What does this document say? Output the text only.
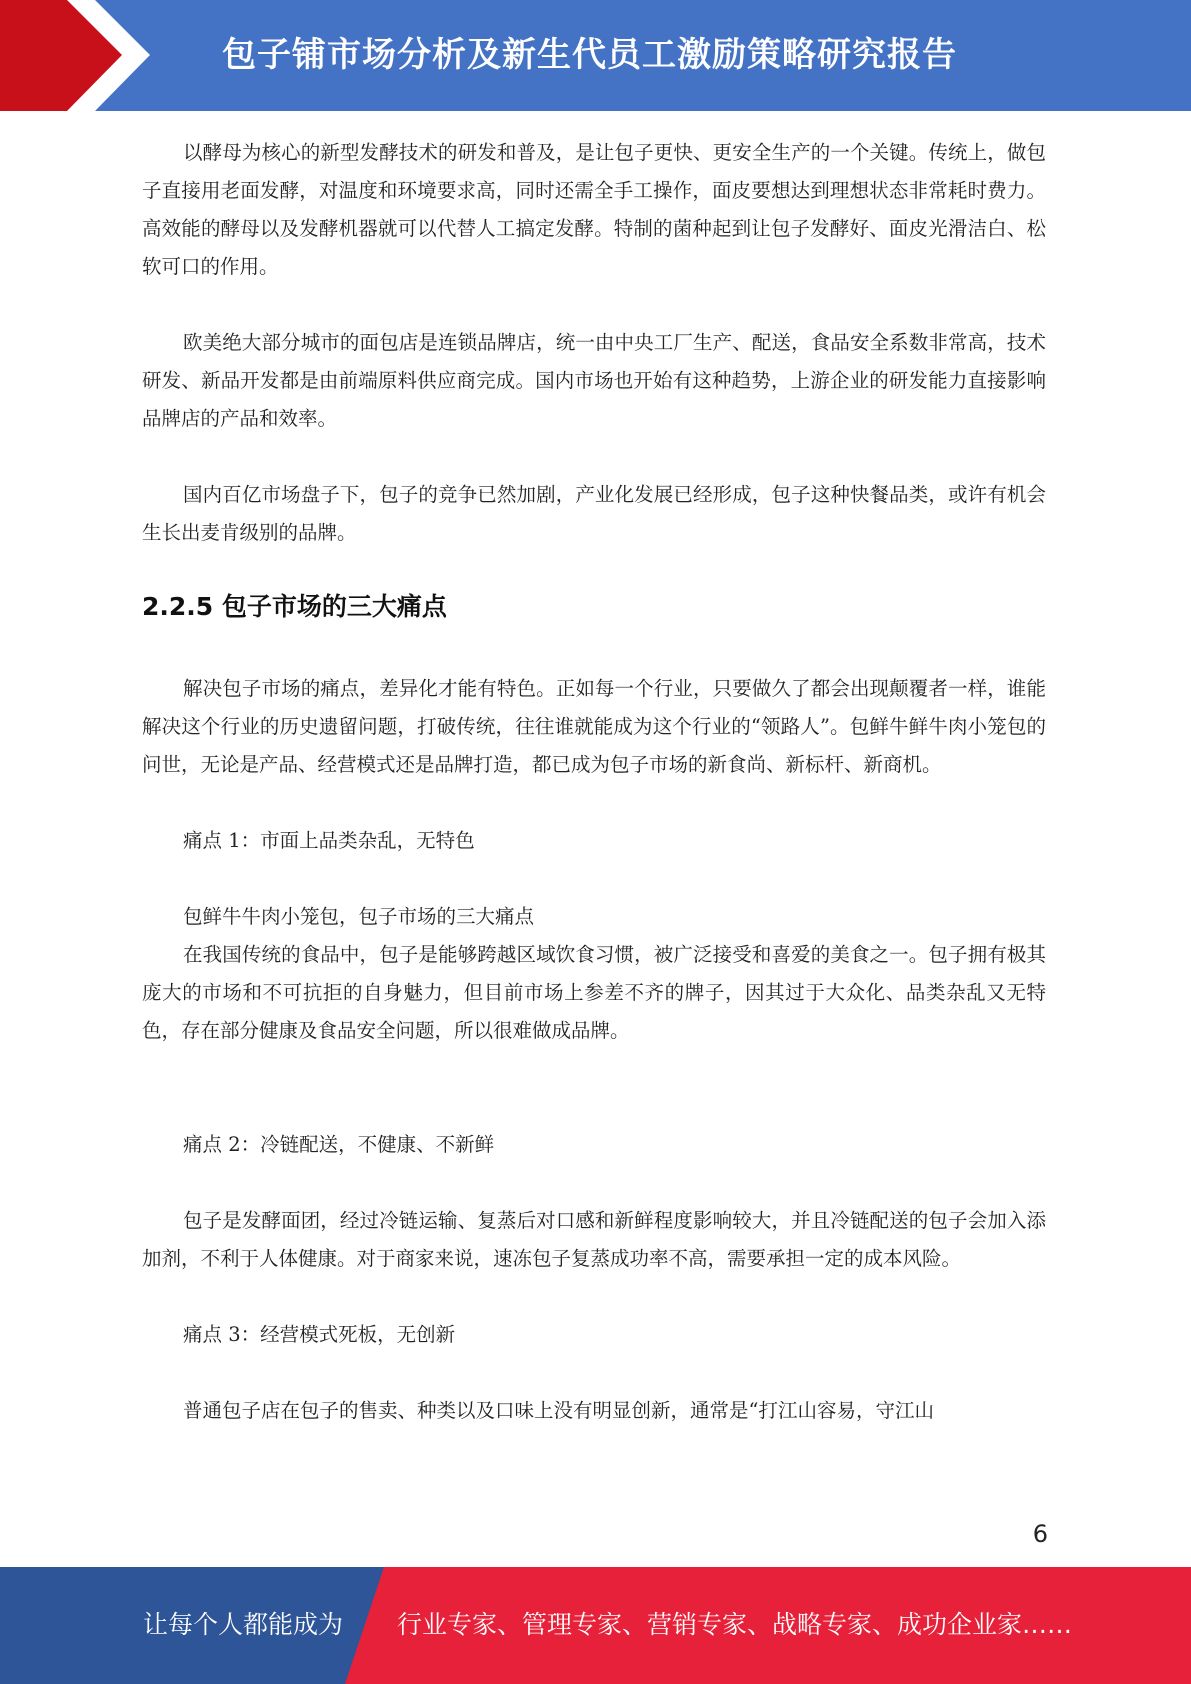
包子铺市场分析及新生代员工激励策略研究报告

以酵母为核心的新型发酵技术的研发和普及，是让包子更快、更安全生产的一个关键。传统上，做包子直接用老面发酵，对温度和环境要求高，同时还需全手工操作，面皮要想达到理想状态非常耗时费力。高效能的酵母以及发酵机器就可以代替人工搞定发酵。特制的菌种起到让包子发酵好、面皮光滑洁白、松软可口的作用。

欧美绝大部分城市的面包店是连锁品牌店，统一由中央工厂生产、配送，食品安全系数非常高，技术研发、新品开发都是由前端原料供应商完成。国内市场也开始有这种趋势，上游企业的研发能力直接影响品牌店的产品和效率。

国内百亿市场盘子下，包子的竞争已然加剧，产业化发展已经形成，包子这种快餐品类，或许有机会生长出麦肯级别的品牌。

2.2.5 包子市场的三大痛点

解决包子市场的痛点，差异化才能有特色。正如每一个行业，只要做久了都会出现颠覆者一样，谁能解决这个行业的历史遗留问题，打破传统，往往谁就能成为这个行业的“领路人”。包鲜牛鲜牛肉小笼包的问世，无论是产品、经营模式还是品牌打造，都已成为包子市场的新食尚、新标杆、新商机。

痛点 1：市面上品类杂乱，无特色

包鲜牛牛肉小笼包，包子市场的三大痛点

在我国传统的食品中，包子是能够跨越区域饮食习惯，被广泛接受和喜爱的美食之一。包子拥有极其庞大的市场和不可抗拒的自身魅力，但目前市场上参差不齐的牌子，因其过于大众化、品类杂乱又无特色，存在部分健康及食品安全问题，所以很难做成品牌。

痛点 2：冷链配送，不健康、不新鲜

包子是发酵面团，经过冷链运输、复蒸后对口感和新鲜程度影响较大，并且冷链配送的包子会加入添加剂，不利于人体健康。对于商家来说，速冻包子复蒸成功率不高，需要承担一定的成本风险。

痛点 3：经营模式死板，无创新

普通包子店在包子的售卖、种类以及口味上没有明显创新，通常是“打江山容易，守江山

6
让每个人都能成为 行业专家、管理专家、营销专家、战略专家、成功企业家……
